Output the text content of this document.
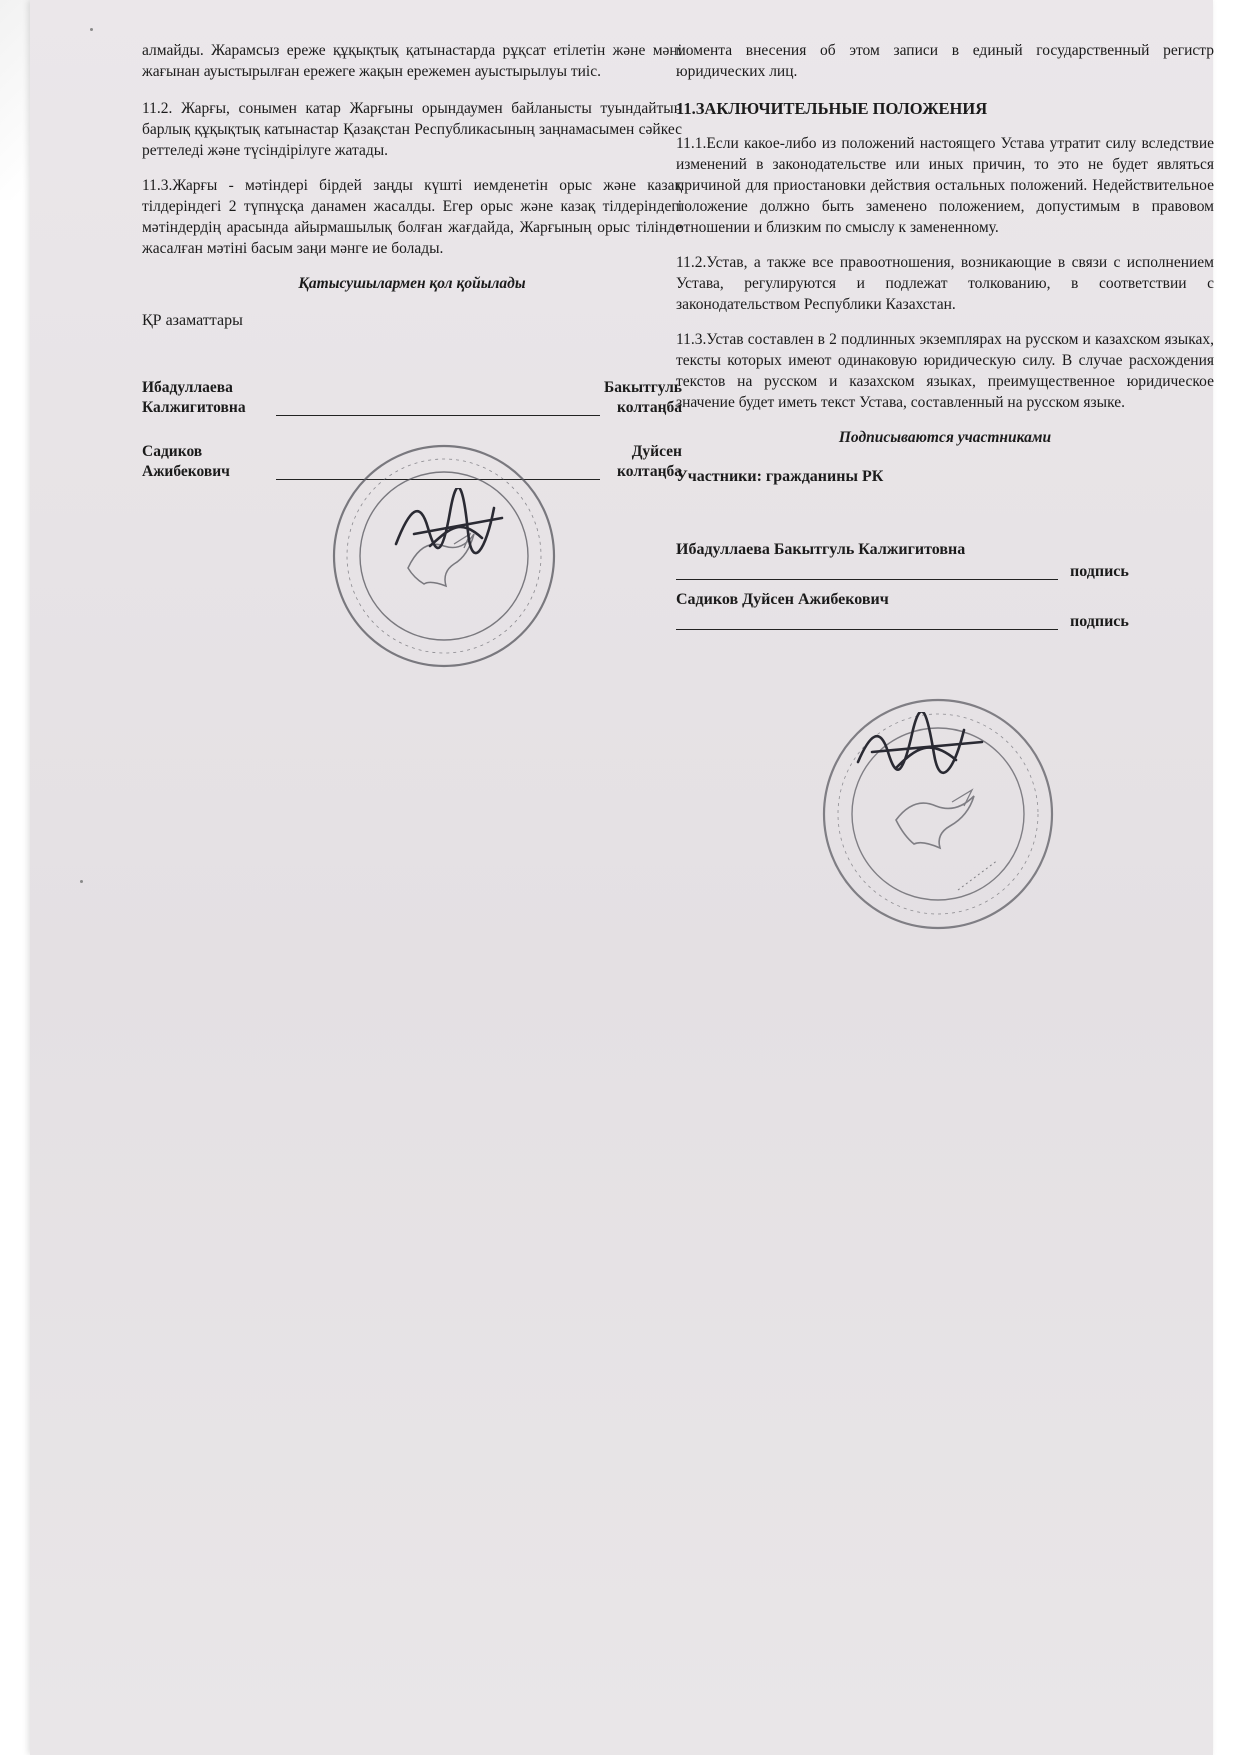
алмайды. Жарамсыз ереже құқықтық қатынастарда рұқсат етілетін және мәні жағынан ауыстырылған ережеге жақын ережемен ауыстырылуы тиіс.

11.2. Жарғы, сонымен катар Жарғыны орындаумен байланысты туындайтын барлық құқықтық катынастар Қазақстан Республикасының заңнамасымен сәйкес реттеледі және түсіндірілуге жатады.

11.3.Жарғы - мәтіндері бірдей заңды күшті иемденетін орыс және казақ тілдеріндегі 2 түпнұсқа данамен жасалды. Егер орыс және казақ тілдеріндегі мәтіндердің арасында айырмашылық болған жағдайда, Жарғының орыс тілінде жасалған мәтіні басым заңи мәнге ие болады.

Қатысушылармен қол қойылады
ҚР азаматтары
Ибадуллаева
Калжигитовна
Бакытгуль
колтаңба
Садиков
Ажибекович
Дуйсен
колтаңба

момента внесения об этом записи в единый государственный регистр юридических лиц.

11.ЗАКЛЮЧИТЕЛЬНЫЕ ПОЛОЖЕНИЯ

11.1.Если какое-либо из положений настоящего Устава утратит силу вследствие изменений в законодательстве или иных причин, то это не будет являться причиной для приостановки действия остальных положений. Недействительное положение должно быть заменено положением, допустимым в правовом отношении и близким по смыслу к замененному.

11.2.Устав, а также все правоотношения, возникающие в связи с исполнением Устава, регулируются и подлежат толкованию, в соответствии с законодательством Республики Казахстан.

11.3.Устав составлен в 2 подлинных экземплярах на русском и казахском языках, тексты которых имеют одинаковую юридическую силу. В случае расхождения текстов на русском и казахском языках, преимущественное юридическое значение будет иметь текст Устава, составленный на русском языке.

Подписываются участниками
Участники: гражданины РК
Ибадуллаева Бакытгуль Калжигитовна
подпись
Садиков Дуйсен Ажибекович
подпись
